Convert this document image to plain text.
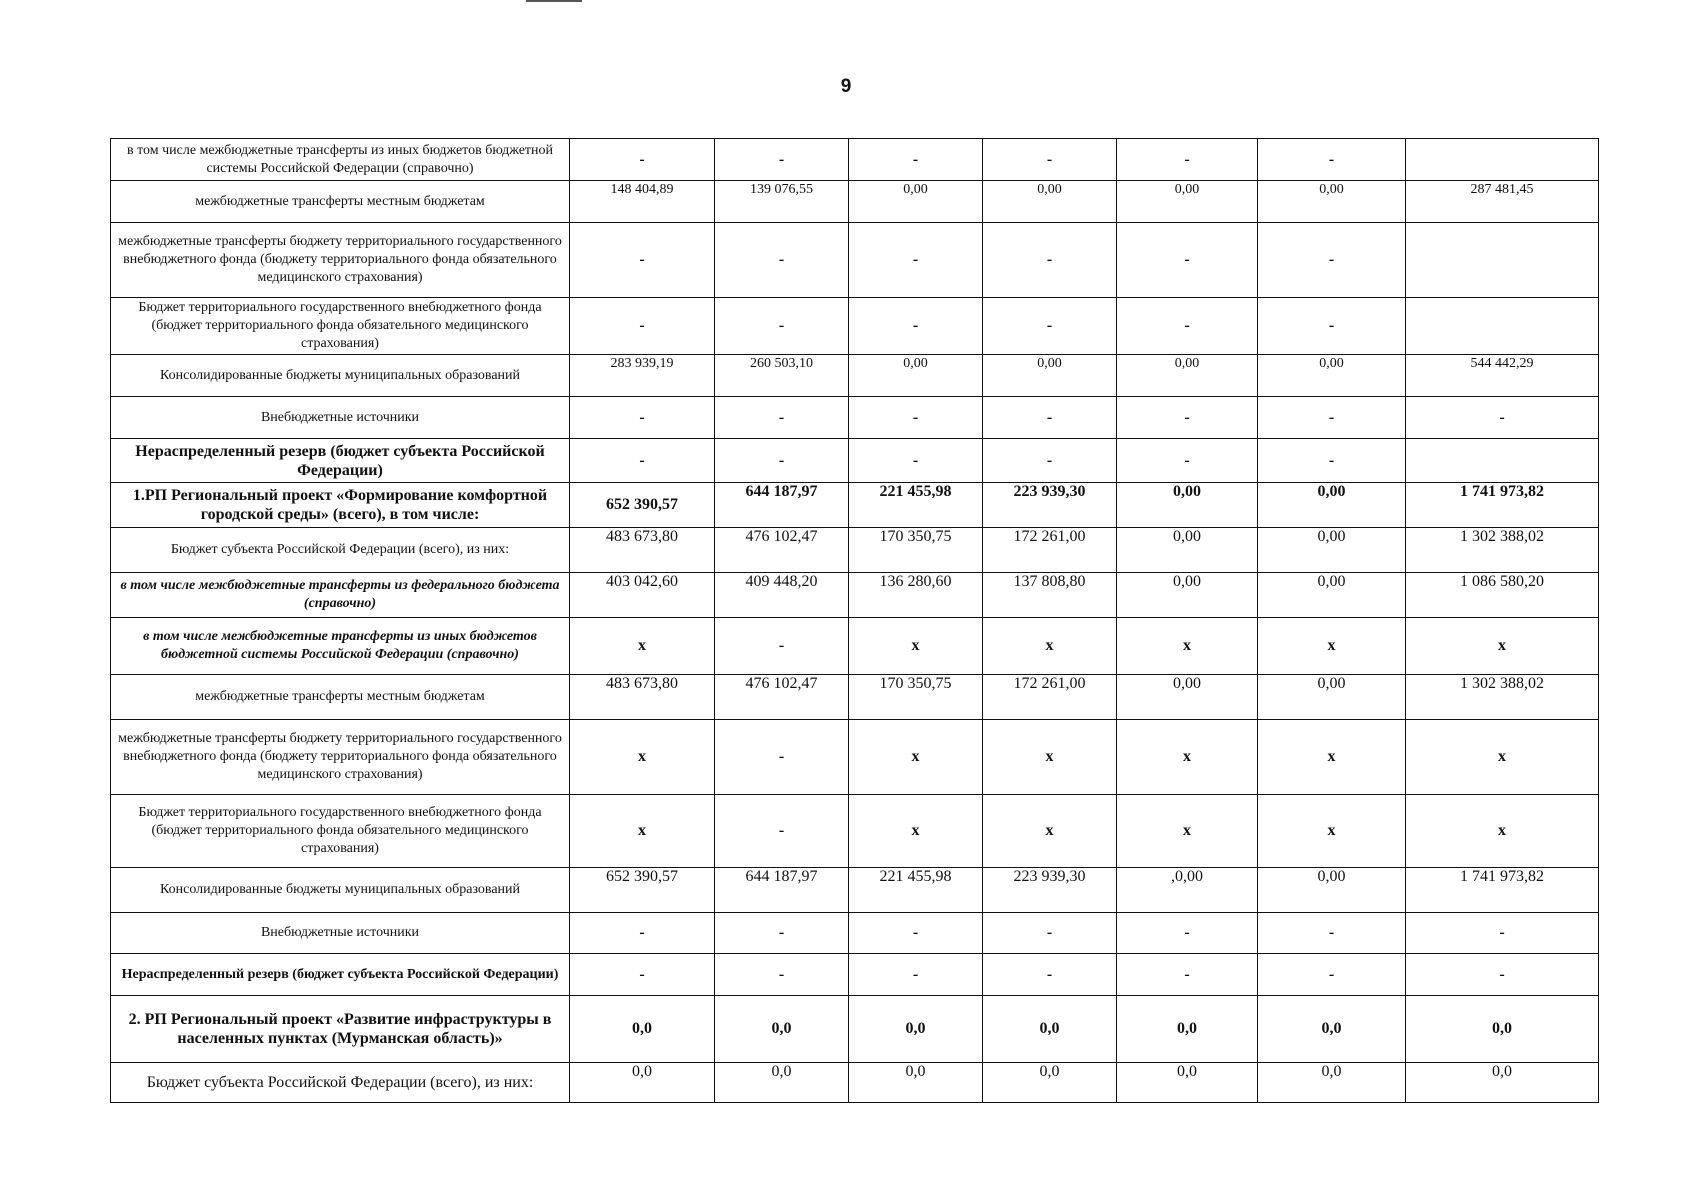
9
в том числе межбюджетные трансферты из иных бюджетов бюджетной системы Российской Федерации (справочно)	-	-	-	-	-	-	
межбюджетные трансферты местным бюджетам	148 404,89	139 076,55	0,00	0,00	0,00	0,00	287 481,45
межбюджетные трансферты бюджету территориального государственного внебюджетного фонда (бюджету территориального фонда обязательного медицинского страхования)	-	-	-	-	-	-	
Бюджет территориального государственного внебюджетного фонда (бюджет территориального фонда обязательного медицинского страхования)	-	-	-	-	-	-	
Консолидированные бюджеты муниципальных образований	283 939,19	260 503,10	0,00	0,00	0,00	0,00	544 442,29
Внебюджетные источники	-	-	-	-	-	-	-
Нераспределенный резерв (бюджет субъекта Российской Федерации)	-	-	-	-	-	-	
1.РП Региональный проект «Формирование комфортной городской среды» (всего), в том числе:	652 390,57	644 187,97	221 455,98	223 939,30	0,00	0,00	1 741 973,82
Бюджет субъекта Российской Федерации (всего), из них:	483 673,80	476 102,47	170 350,75	172 261,00	0,00	0,00	1 302 388,02
в том числе межбюджетные трансферты из федерального бюджета (справочно)	403 042,60	409 448,20	136 280,60	137 808,80	0,00	0,00	1 086 580,20
в том числе межбюджетные трансферты из иных бюджетов бюджетной системы Российской Федерации (справочно)	x	-	x	x	x	x	x
межбюджетные трансферты местным бюджетам	483 673,80	476 102,47	170 350,75	172 261,00	0,00	0,00	1 302 388,02
межбюджетные трансферты бюджету территориального государственного внебюджетного фонда (бюджету территориального фонда обязательного медицинского страхования)	x	-	x	x	x	x	x
Бюджет территориального государственного внебюджетного фонда (бюджет территориального фонда обязательного медицинского страхования)	x	-	x	x	x	x	x
Консолидированные бюджеты муниципальных образований	652 390,57	644 187,97	221 455,98	223 939,30	,0,00	0,00	1 741 973,82
Внебюджетные источники	-	-	-	-	-	-	-
Нераспределенный резерв (бюджет субъекта Российской Федерации)	-	-	-	-	-	-	-
2. РП Региональный проект «Развитие инфраструктуры в населенных пунктах (Мурманская область)»	0,0	0,0	0,0	0,0	0,0	0,0	0,0
Бюджет субъекта Российской Федерации (всего), из них:	0,0	0,0	0,0	0,0	0,0	0,0	0,0
